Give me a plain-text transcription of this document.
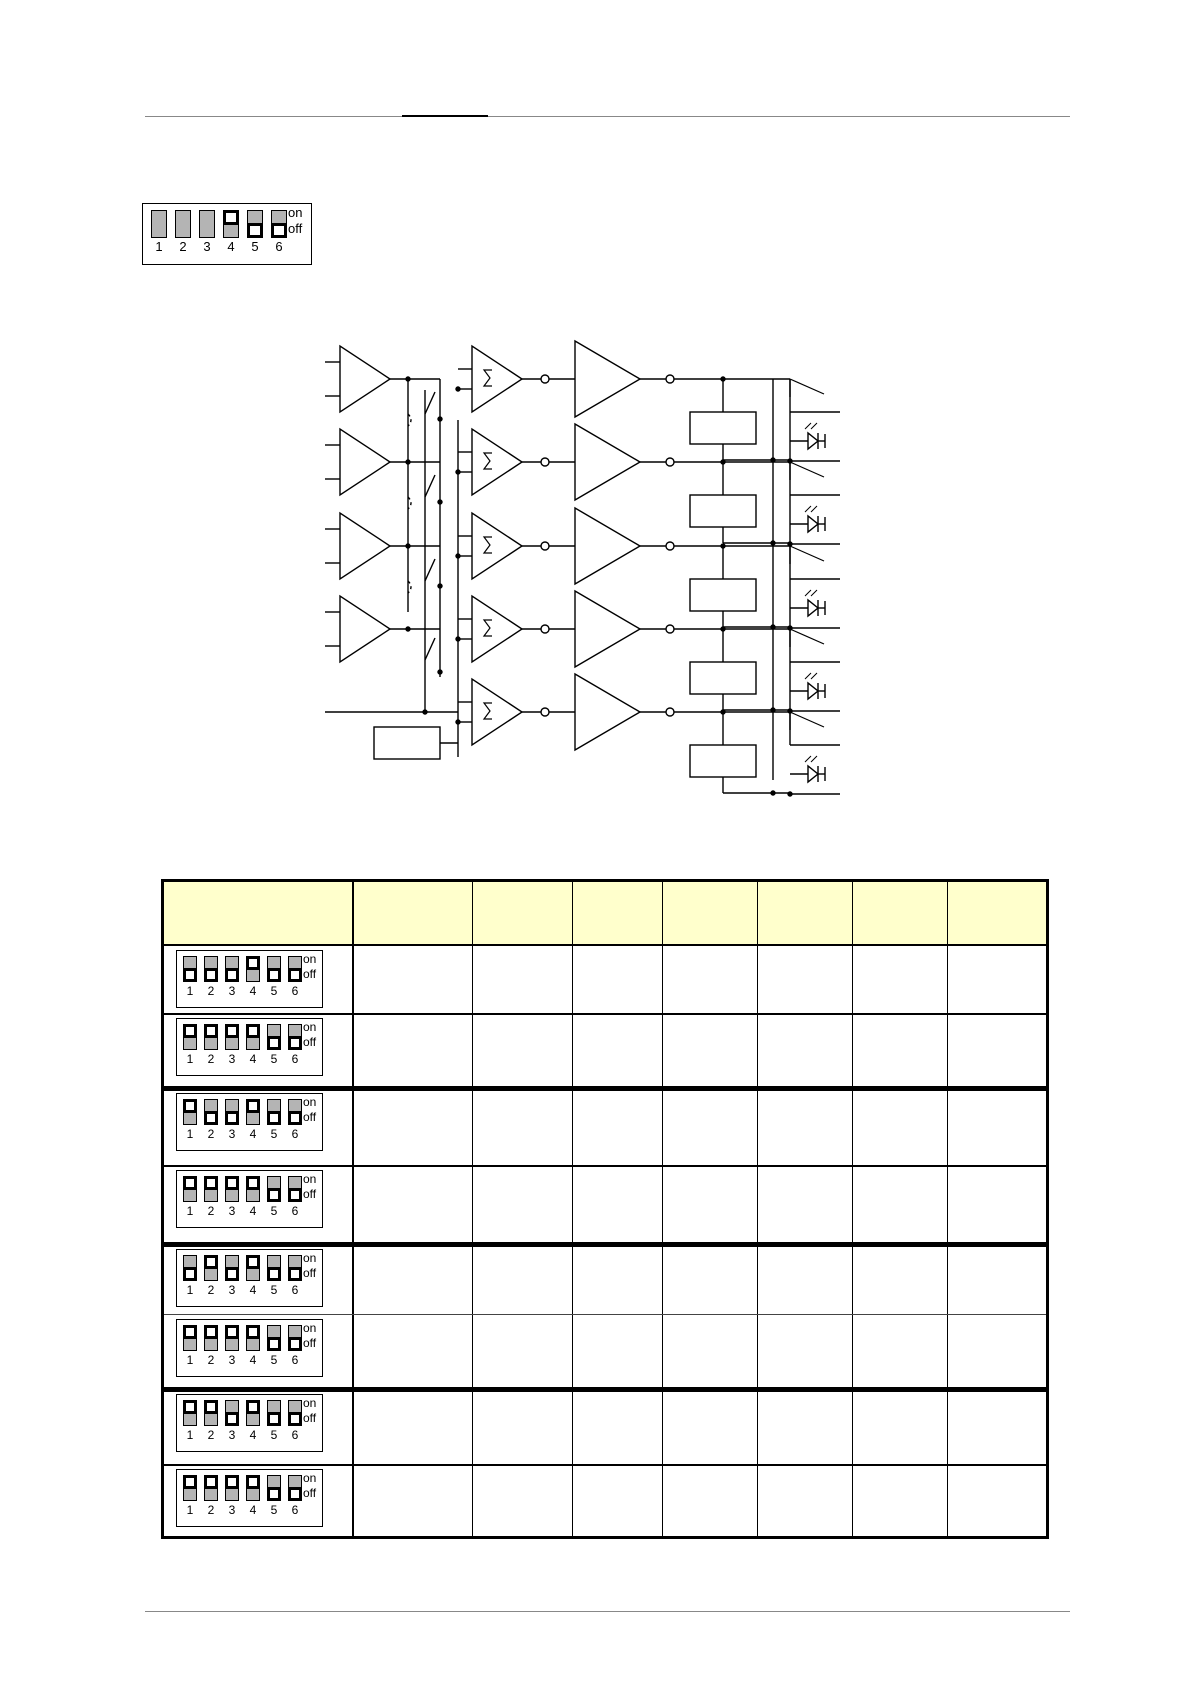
1 2 3 4 5 6
on
off
1	2	3	4	5	6
on
off
1	2	3	4	5	6
on
off
1	2	3	4	5	6
on
off
1	2	3	4	5	6
on
off
1	2	3	4	5	6
on
off
1	2	3	4	5	6
on
off
1	2	3	4	5	6
on
off
1	2	3	4	5	6
on
off
